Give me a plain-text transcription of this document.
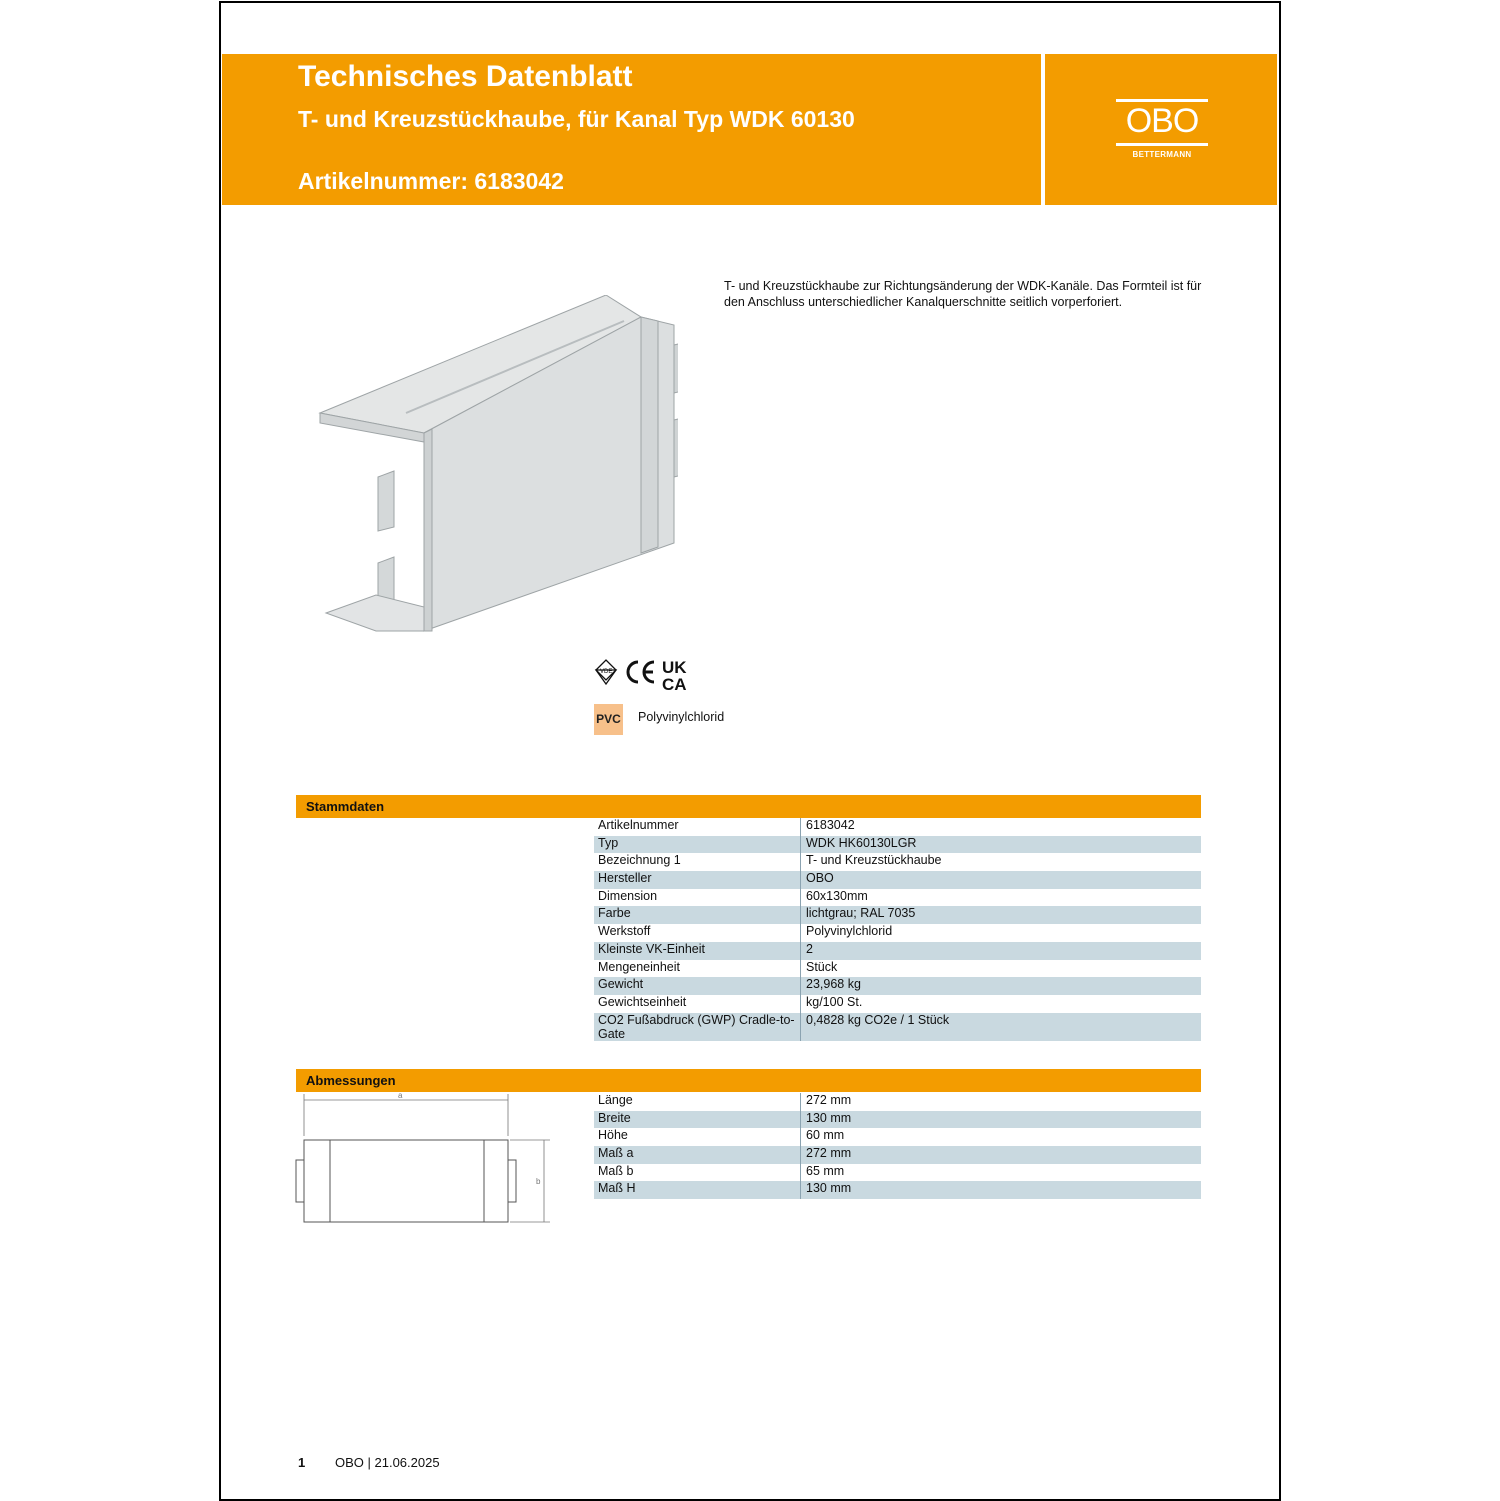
Technisches Datenblatt
T- und Kreuzstückhaube, für Kanal Typ WDK 60130
Artikelnummer: 6183042
OBO
BETTERMANN
T- und Kreuzstückhaube zur Richtungsänderung der WDK-Kanäle. Das Formteil ist für den Anschluss unterschiedlicher Kanalquerschnitte seitlich vorperforiert.
VDE	UK
CA
PVC Polyvinylchlorid
Stammdaten
Artikelnummer	6183042
Typ	WDK HK60130LGR
Bezeichnung 1	T- und Kreuzstückhaube
Hersteller	OBO
Dimension	60x130mm
Farbe	lichtgrau; RAL 7035
Werkstoff	Polyvinylchlorid
Kleinste VK-Einheit	2
Mengeneinheit	Stück
Gewicht	23,968 kg
Gewichtseinheit	kg/100 St.
CO2 Fußabdruck (GWP) Cradle-to-Gate	0,4828 kg CO2e / 1 Stück
Abmessungen
Länge	272 mm
Breite	130 mm
Höhe	60 mm
Maß a	272 mm
Maß b	65 mm
Maß H	130 mm
a
b
1 OBO | 21.06.2025
